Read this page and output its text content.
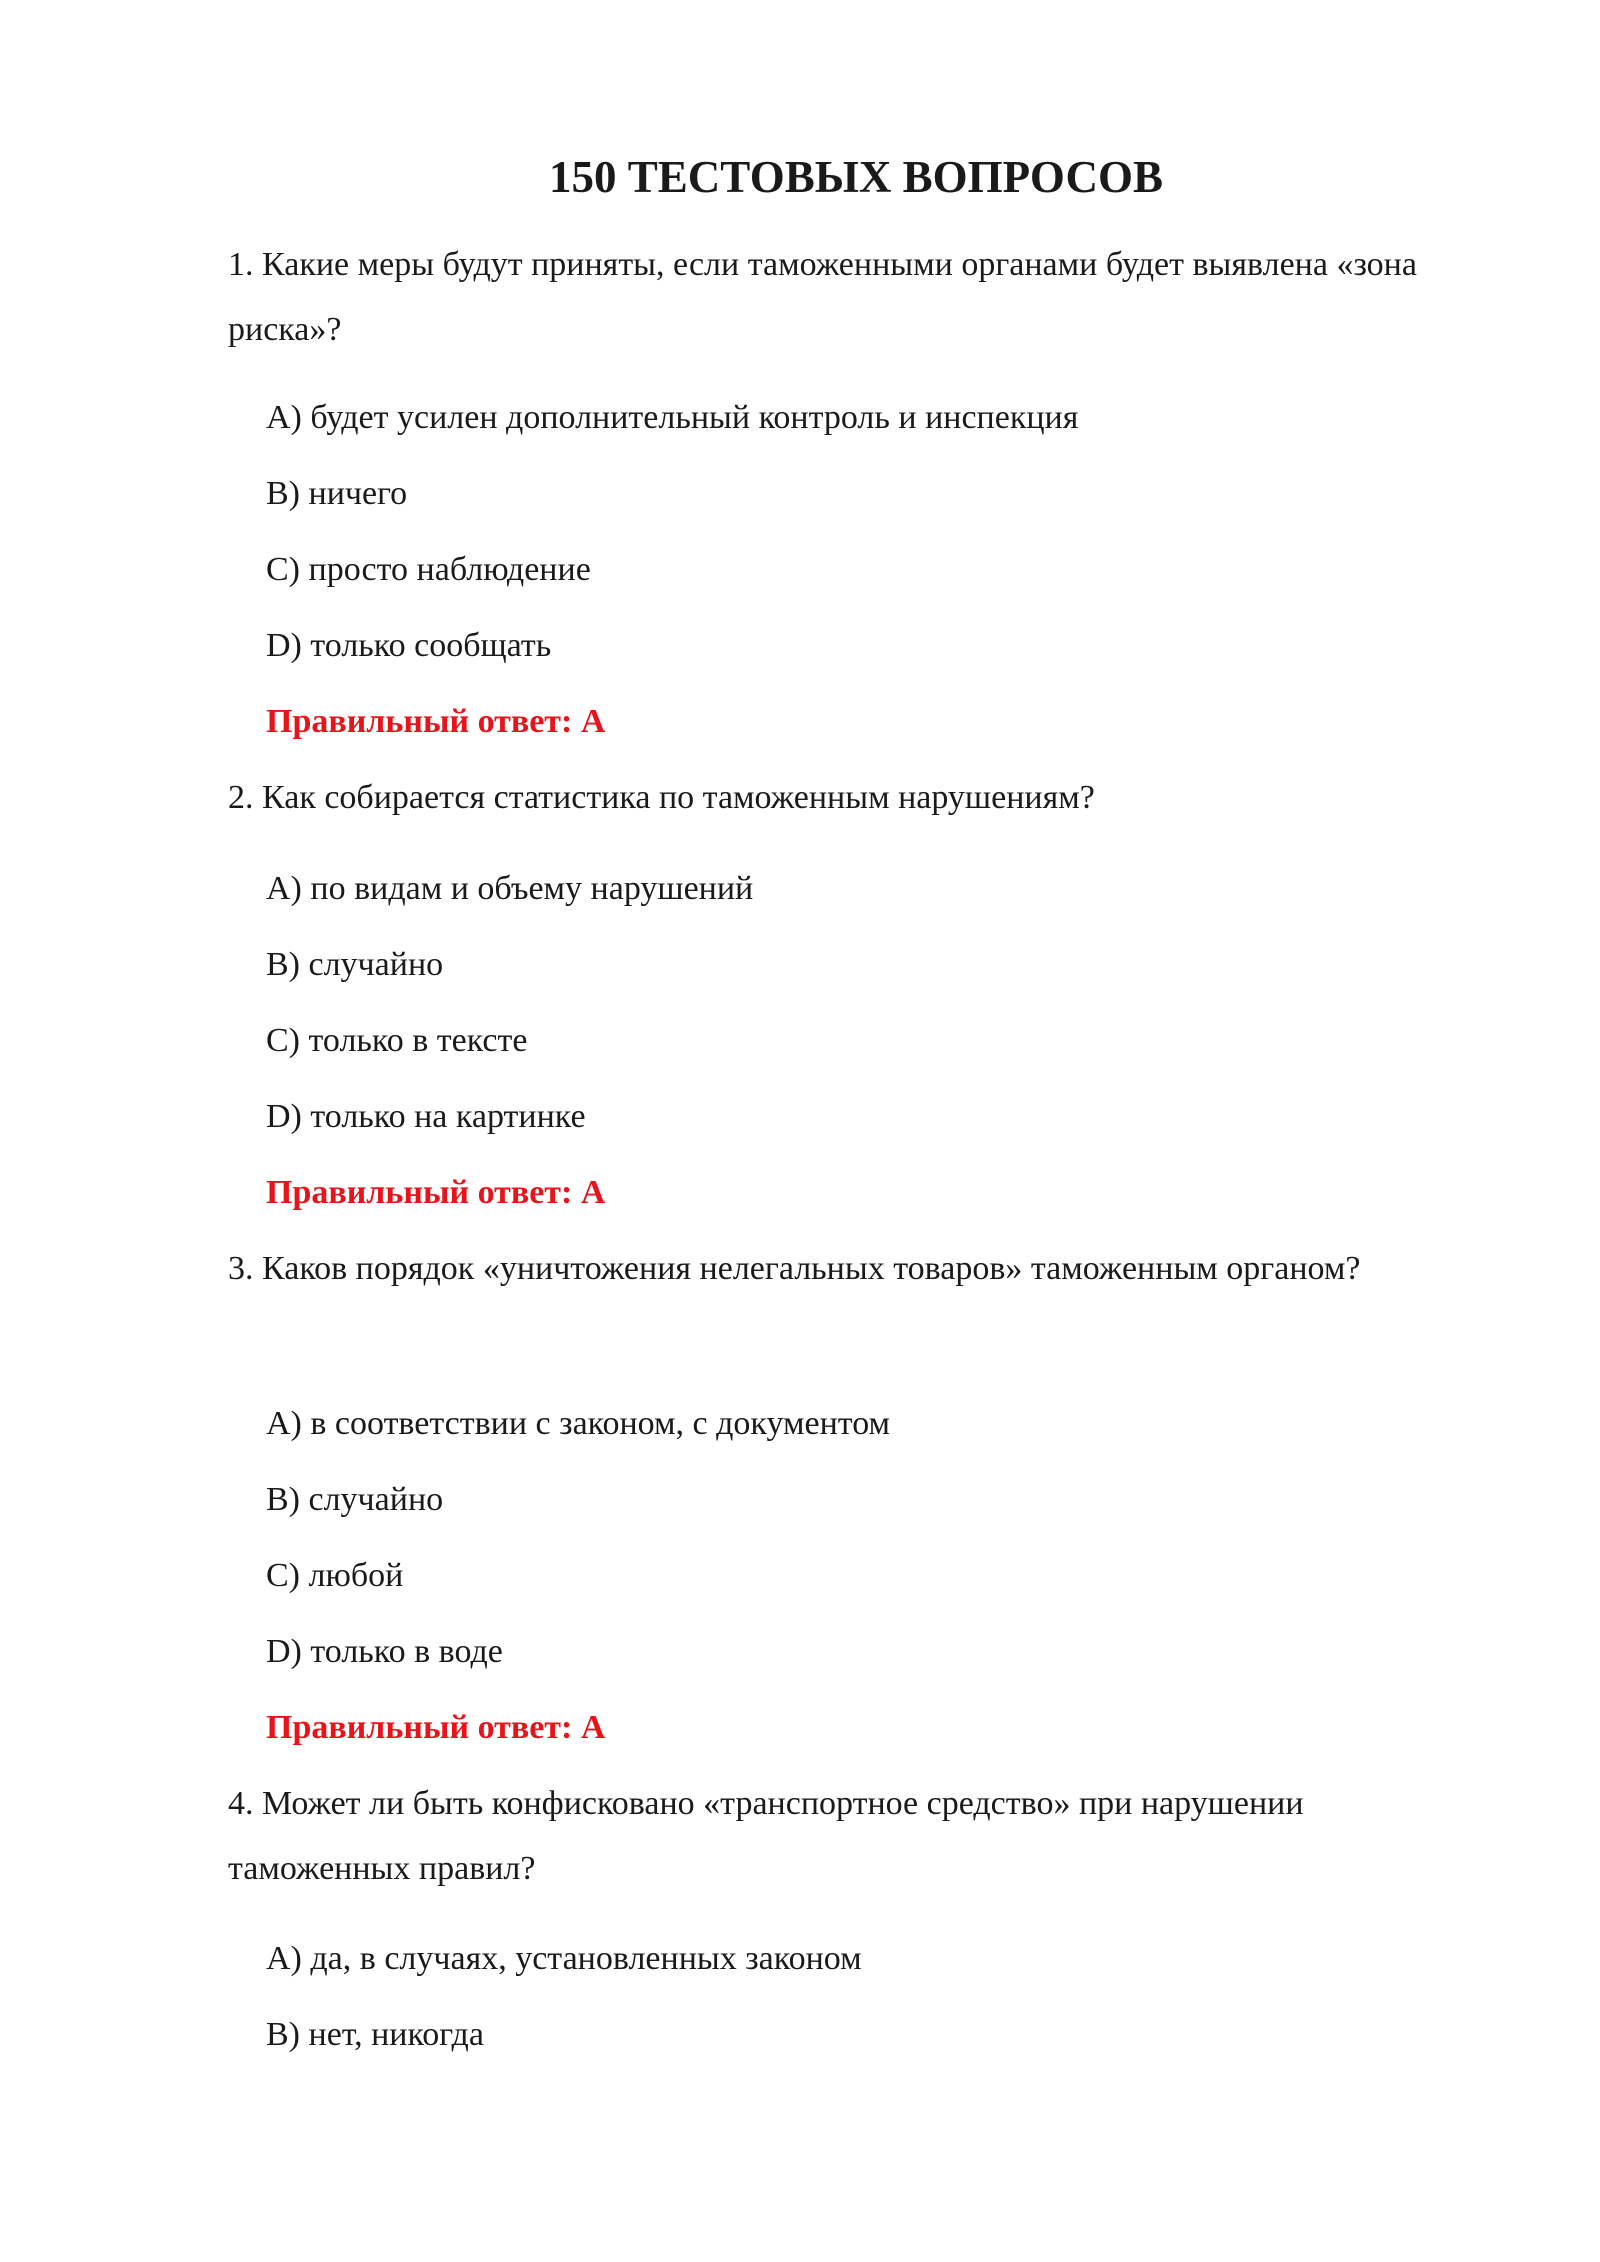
150 ТЕСТОВЫХ ВОПРОСОВ

1. Какие меры будут приняты, если таможенными органами будет выявлена «зона риска»?

A) будет усилен дополнительный контроль и инспекция

B) ничего

C) просто наблюдение

D) только сообщать

Правильный ответ: A

2. Как собирается статистика по таможенным нарушениям?

A) по видам и объему нарушений

B) случайно

C) только в тексте

D) только на картинке

Правильный ответ: A

3. Каков порядок «уничтожения нелегальных товаров» таможенным органом?

A) в соответствии с законом, с документом

B) случайно

C) любой

D) только в воде

Правильный ответ: A

4. Может ли быть конфисковано «транспортное средство» при нарушении таможенных правил?

A) да, в случаях, установленных законом

B) нет, никогда
